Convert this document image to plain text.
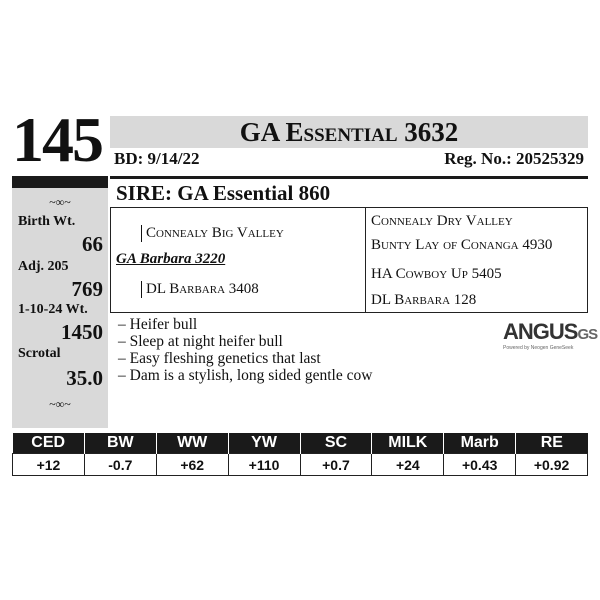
145	GA Essential 3632
BD: 9/14/22	Reg. No.: 20525329
~∞~
Birth Wt.
66
Adj. 205
769
1-10-24 Wt.
1450
Scrotal
35.0
~∞~
SIRE: GA Essential 860
Connealy Big Valley
GA Barbara 3220
DL Barbara 3408
Connealy Dry Valley
Bunty Lay of Conanga 4930
HA Cowboy Up 5405
DL Barbara 128
– Heifer bull
– Sleep at night heifer bull
– Easy fleshing genetics that last
– Dam is a stylish, long sided gentle cow
ANGUSGS
Powered by Neogen GeneSeek
CED	BW	WW	YW	SC	MILK	Marb	RE
+12	-0.7	+62	+110	+0.7	+24	+0.43	+0.92
